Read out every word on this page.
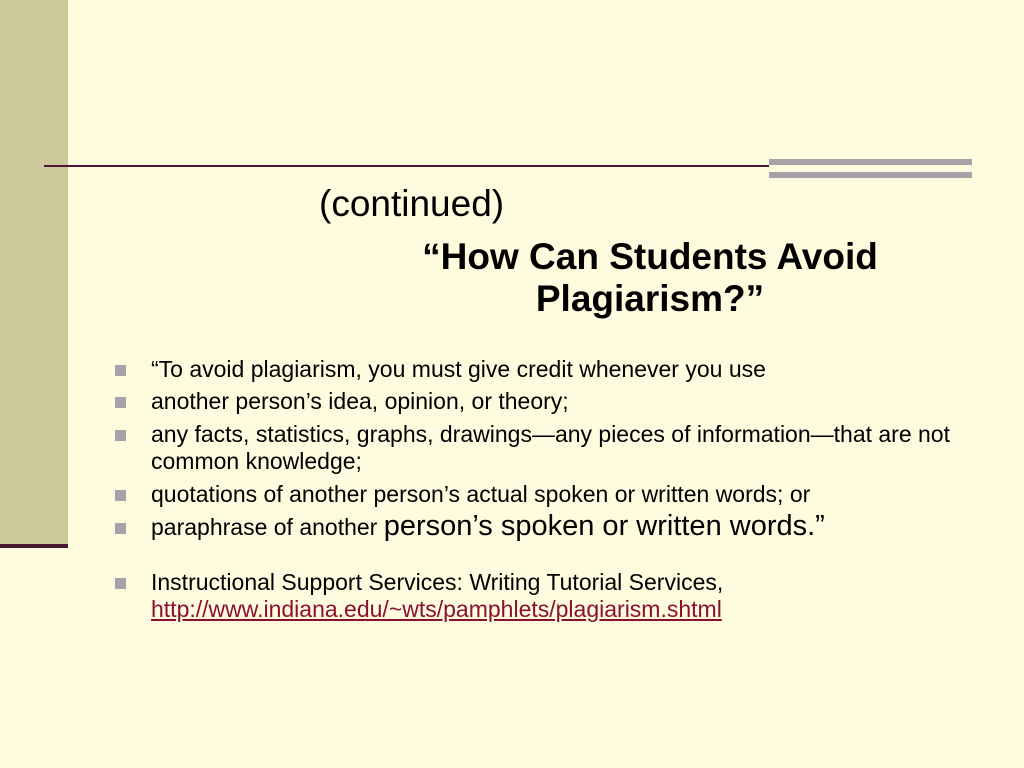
(continued)

“How Can Students Avoid Plagiarism?”
“To avoid plagiarism, you must give credit whenever you use
another person’s idea, opinion, or theory;
any facts, statistics, graphs, drawings—any pieces of information—that are not common knowledge;
quotations of another person’s actual spoken or written words; or
paraphrase of another person’s spoken or written words.”
Instructional Support Services: Writing Tutorial Services,
http://www.indiana.edu/~wts/pamphlets/plagiarism.shtml
